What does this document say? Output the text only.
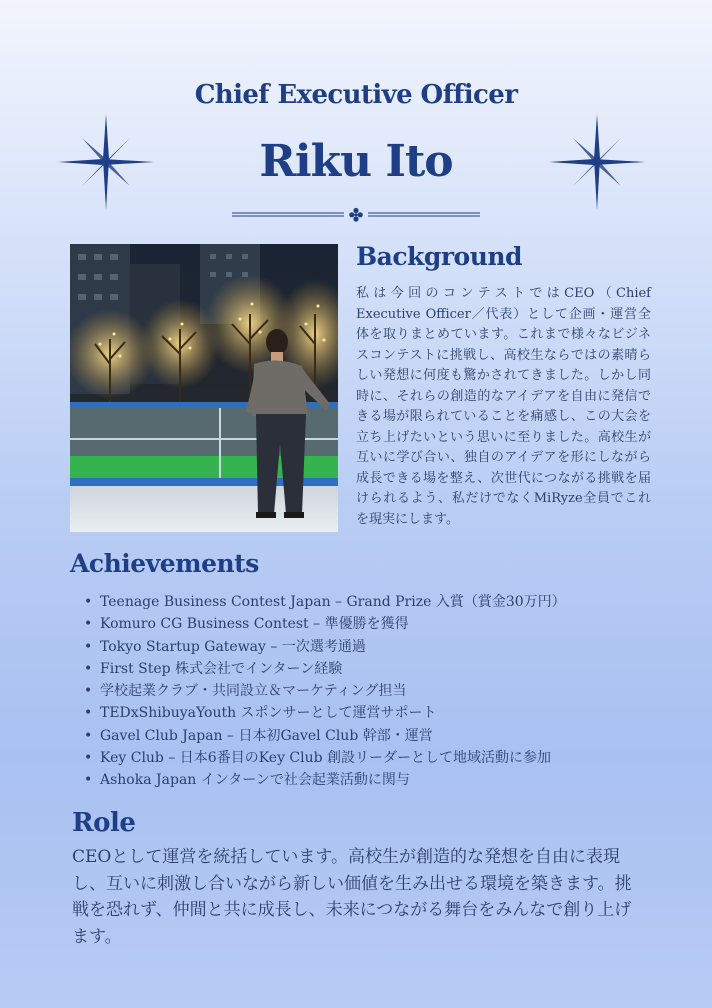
Chief Executive Officer
Riku Ito
Background
私は今回のコンテストではCEO（Chief Executive Officer／代表）として企画・運営全体を取りまとめています。これまで様々なビジネスコンテストに挑戦し、高校生ならではの素晴らしい発想に何度も驚かされてきました。しかし同時に、それらの創造的なアイデアを自由に発信できる場が限られていることを痛感し、この大会を立ち上げたいという思いに至りました。高校生が互いに学び合い、独自のアイデアを形にしながら成長できる場を整え、次世代につながる挑戦を届けられるよう、私だけでなくMiRyze全員でこれを現実にします。
Achievements
• Teenage Business Contest Japan – Grand Prize 入賞（賞金30万円）
• Komuro CG Business Contest – 準優勝を獲得
• Tokyo Startup Gateway – 一次選考通過
• First Step 株式会社でインターン経験
• 学校起業クラブ・共同設立＆マーケティング担当
• TEDxShibuyaYouth スポンサーとして運営サポート
• Gavel Club Japan – 日本初Gavel Club 幹部・運営
• Key Club – 日本6番目のKey Club 創設リーダーとして地域活動に参加
• Ashoka Japan インターンで社会起業活動に関与
Role
CEOとして運営を統括しています。高校生が創造的な発想を自由に表現し、互いに刺激し合いながら新しい価値を生み出せる環境を築きます。挑戦を恐れず、仲間と共に成長し、未来につながる舞台をみんなで創り上げます。
